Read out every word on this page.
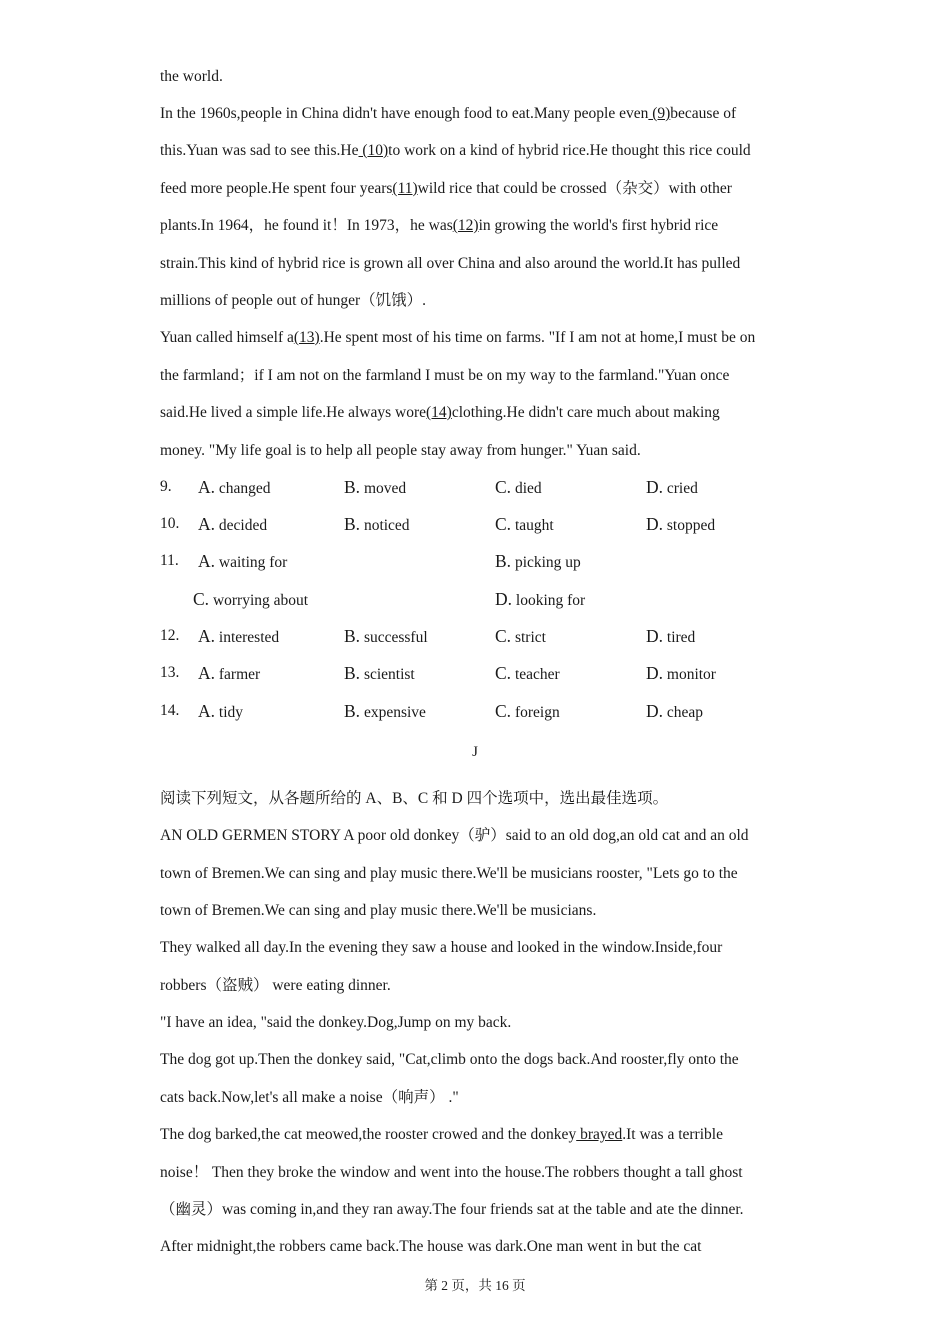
the world.
In the 1960s,people in China didn't have enough food to eat.Many people even (9)because of
this.Yuan was sad to see this.He (10)to work on a kind of hybrid rice.He thought this rice could
feed more people.He spent four years(11)wild rice that could be crossed（杂交）with other
plants.In 1964，he found it！In 1973，he was(12)in growing the world's first hybrid rice
strain.This kind of hybrid rice is grown all over China and also around the world.It has pulled
millions of people out of hunger（饥饿）.
Yuan called himself a(13).He spent most of his time on farms. "If I am not at home,I must be on
the farmland；if I am not on the farmland I must be on my way to the farmland."Yuan once
said.He lived a simple life.He always wore(14)clothing.He didn't care much about making
money. "My life goal is to help all people stay away from hunger." Yuan said.
9. A. changed	B. moved	C. died	D. cried
10. A. decided	B. noticed	C. taught	D. stopped
11. A. waiting for	B. picking up
C. worrying about	D. looking for
12. A. interested	B. successful	C. strict	D. tired
13. A. farmer	B. scientist	C. teacher	D. monitor
14. A. tidy	B. expensive	C. foreign	D. cheap
J
阅读下列短文，从各题所给的 A、B、C 和 D 四个选项中，选出最佳选项。
AN OLD GERMEN STORY A poor old donkey（驴）said to an old dog,an old cat and an old
town of Bremen.We can sing and play music there.We'll be musicians rooster, "Lets go to the
town of Bremen.We can sing and play music there.We'll be musicians.
They walked all day.In the evening they saw a house and looked in the window.Inside,four
robbers（盗贼） were eating dinner.
"I have an idea, "said the donkey.Dog,Jump on my back.
The dog got up.Then the donkey said, "Cat,climb onto the dogs back.And rooster,fly onto the
cats back.Now,let's all make a noise（响声） ."
The dog barked,the cat meowed,the rooster crowed and the donkey brayed.It was a terrible
noise！ Then they broke the window and went into the house.The robbers thought a tall ghost
（幽灵）was coming in,and they ran away.The four friends sat at the table and ate the dinner.
After midnight,the robbers came back.The house was dark.One man went in but the cat
第 2 页，共 16 页
